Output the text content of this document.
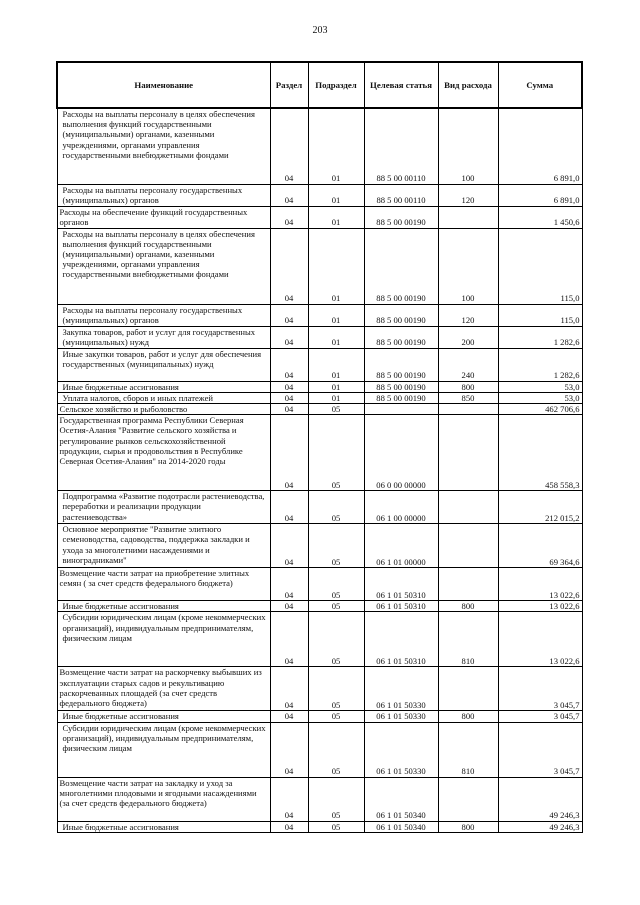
203
Наименование	Раздел	Подраздел	Целевая статья	Вид расхода	Сумма
Расходы на выплаты персоналу в целях обеспечения выполнения функций государственными (муниципальными) органами, казенными учреждениями, органами управления государственными внебюджетными фондами	04	01	88 5 00 00110	100	6 891,0
Расходы на выплаты персоналу государственных (муниципальных) органов	04	01	88 5 00 00110	120	6 891,0
Расходы на обеспечение функций государственных органов	04	01	88 5 00 00190		1 450,6
Расходы на выплаты персоналу в целях обеспечения выполнения функций государственными (муниципальными) органами, казенными учреждениями, органами управления государственными внебюджетными фондами	04	01	88 5 00 00190	100	115,0
Расходы на выплаты персоналу государственных (муниципальных) органов	04	01	88 5 00 00190	120	115,0
Закупка товаров, работ и услуг для государственных (муниципальных) нужд	04	01	88 5 00 00190	200	1 282,6
Иные закупки товаров, работ и услуг для обеспечения государственных (муниципальных) нужд	04	01	88 5 00 00190	240	1 282,6
Иные бюджетные ассигнования	04	01	88 5 00 00190	800	53,0
Уплата налогов, сборов и иных платежей	04	01	88 5 00 00190	850	53,0
Сельское хозяйство и рыболовство	04	05			462 706,6
Государственная программа Республики Северная Осетия-Алания "Развитие сельского хозяйства и регулирование рынков сельскохозяйственной продукции, сырья и продовольствия в Республике Северная Осетия-Алания" на 2014-2020 годы	04	05	06 0 00 00000		458 558,3
Подпрограмма «Развитие подотрасли растениеводства, переработки и реализации продукции растениеводства»	04	05	06 1 00 00000		212 015,2
Основное мероприятие "Развитие элитного семеноводства, садоводства, поддержка закладки и ухода за многолетними насаждениями и виноградниками"	04	05	06 1 01 00000		69 364,6
Возмещение части затрат на приобретение элитных семян ( за счет средств федерального бюджета)	04	05	06 1 01 50310		13 022,6
Иные бюджетные ассигнования	04	05	06 1 01 50310	800	13 022,6
Субсидии юридическим лицам (кроме некоммерческих организаций), индивидуальным предпринимателям, физическим лицам	04	05	06 1 01 50310	810	13 022,6
Возмещение части затрат на раскорчевку выбывших из эксплуатации старых садов и рекультивацию раскорчеванных площадей (за счет средств федерального бюджета)	04	05	06 1 01 50330		3 045,7
Иные бюджетные ассигнования	04	05	06 1 01 50330	800	3 045,7
Субсидии юридическим лицам (кроме некоммерческих организаций), индивидуальным предпринимателям, физическим лицам	04	05	06 1 01 50330	810	3 045,7
Возмещение части затрат на закладку и уход за многолетними плодовыми и ягодными насаждениями (за счет средств федерального бюджета)	04	05	06 1 01 50340		49 246,3
Иные бюджетные ассигнования	04	05	06 1 01 50340	800	49 246,3
